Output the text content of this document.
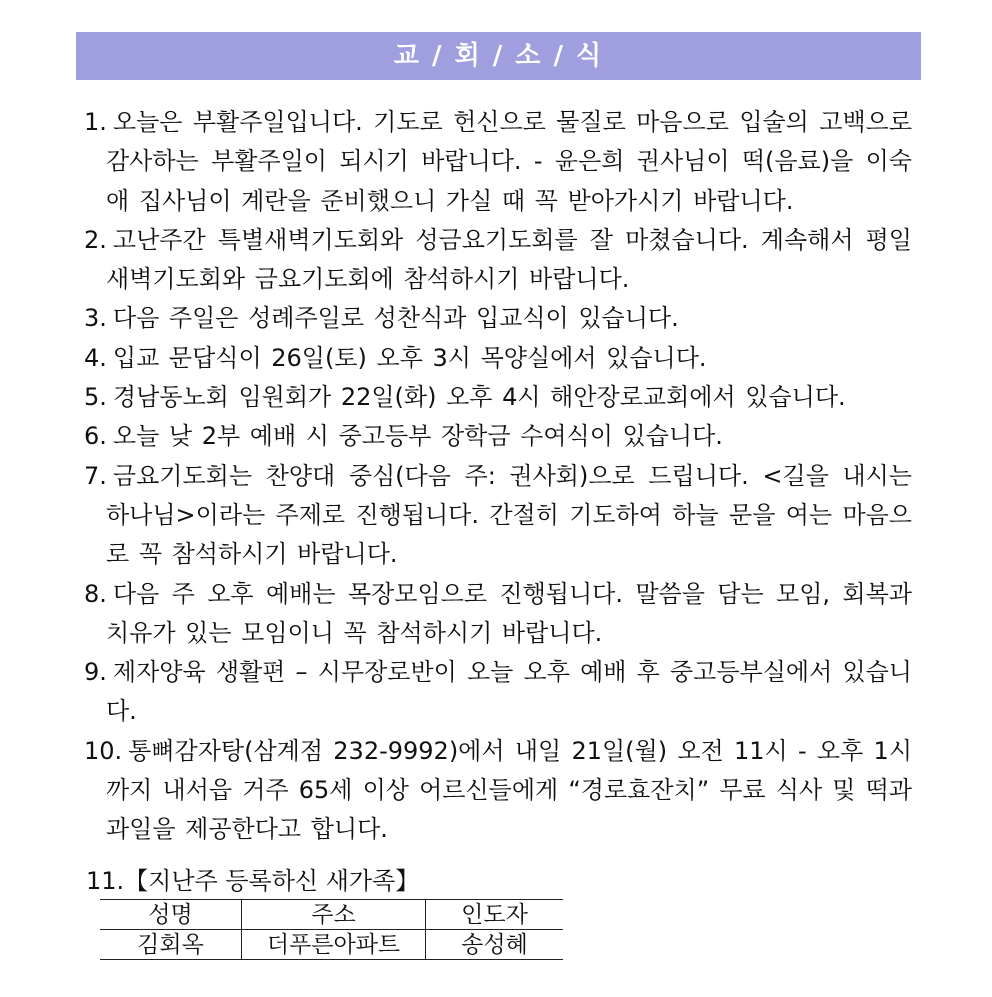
교 / 회 / 소 / 식
1. 오늘은 부활주일입니다. 기도로 헌신으로 물질로 마음으로 입술의 고백으로 감사하는 부활주일이 되시기 바랍니다. - 윤은희 권사님이 떡(음료)을 이숙애 집사님이 계란을 준비했으니 가실 때 꼭 받아가시기 바랍니다.
2. 고난주간 특별새벽기도회와 성금요기도회를 잘 마쳤습니다. 계속해서 평일 새벽기도회와 금요기도회에 참석하시기 바랍니다.
3. 다음 주일은 성례주일로 성찬식과 입교식이 있습니다.
4. 입교 문답식이 26일(토) 오후 3시 목양실에서 있습니다.
5. 경남동노회 임원회가 22일(화) 오후 4시 해안장로교회에서 있습니다.
6. 오늘 낮 2부 예배 시 중고등부 장학금 수여식이 있습니다.
7. 금요기도회는 찬양대 중심(다음 주: 권사회)으로 드립니다. <길을 내시는 하나님>이라는 주제로 진행됩니다. 간절히 기도하여 하늘 문을 여는 마음으로 꼭 참석하시기 바랍니다.
8. 다음 주 오후 예배는 목장모임으로 진행됩니다. 말씀을 담는 모임, 회복과 치유가 있는 모임이니 꼭 참석하시기 바랍니다.
9. 제자양육 생활편 – 시무장로반이 오늘 오후 예배 후 중고등부실에서 있습니다.
10. 통뼈감자탕(삼계점 232-9992)에서 내일 21일(월) 오전 11시 - 오후 1시까지 내서읍 거주 65세 이상 어르신들에게 “경로효잔치” 무료 식사 및 떡과 과일을 제공한다고 합니다.
11.【지난주 등록하신 새가족】
성명	주소	인도자
김회옥	더푸른아파트	송성혜
